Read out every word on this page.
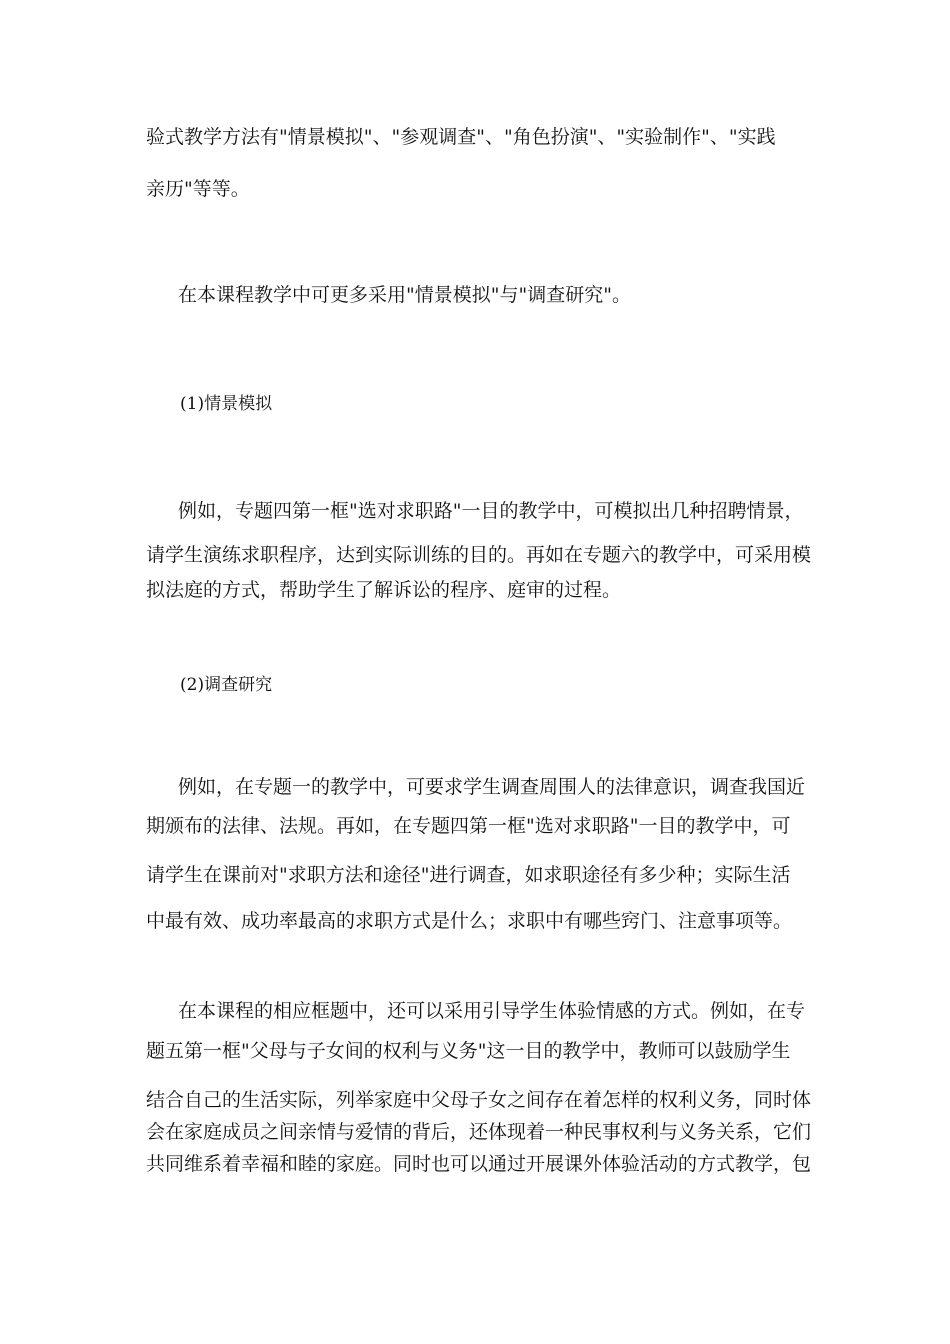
验式教学方法有"情景模拟"、"参观调查"、"角色扮演"、"实验制作"、"实践
亲历"等等。
在本课程教学中可更多采用"情景模拟"与"调查研究"。
(1)情景模拟
例如，专题四第一框"选对求职路"一目的教学中，可模拟出几种招聘情景，
请学生演练求职程序，达到实际训练的目的。再如在专题六的教学中，可采用模
拟法庭的方式，帮助学生了解诉讼的程序、庭审的过程。
(2)调查研究
例如，在专题一的教学中，可要求学生调查周围人的法律意识，调查我国近
期颁布的法律、法规。再如，在专题四第一框"选对求职路"一目的教学中，可
请学生在课前对"求职方法和途径"进行调查，如求职途径有多少种；实际生活
中最有效、成功率最高的求职方式是什么；求职中有哪些窍门、注意事项等。
在本课程的相应框题中，还可以采用引导学生体验情感的方式。例如，在专
题五第一框"父母与子女间的权利与义务"这一目的教学中，教师可以鼓励学生
结合自己的生活实际，列举家庭中父母子女之间存在着怎样的权利义务，同时体
会在家庭成员之间亲情与爱情的背后，还体现着一种民事权利与义务关系，它们
共同维系着幸福和睦的家庭。同时也可以通过开展课外体验活动的方式教学，包
